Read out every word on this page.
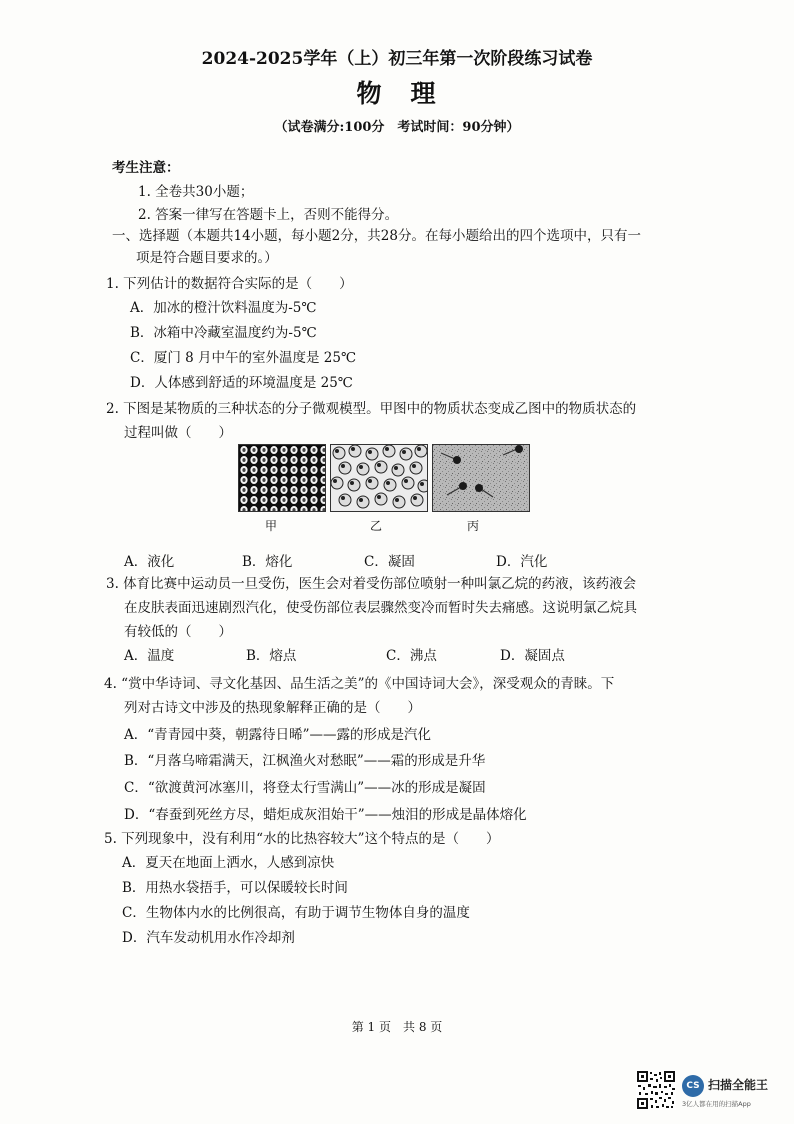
2024-2025学年（上）初三年第一次阶段练习试卷
物　理
（试卷满分:100分　考试时间：90分钟）
考生注意：
1. 全卷共30小题；
2. 答案一律写在答题卡上，否则不能得分。
一、选择题（本题共14小题，每小题2分，共28分。在每小题给出的四个选项中，只有一
项是符合题目要求的。）
1. 下列估计的数据符合实际的是（　　）
A．加冰的橙汁饮料温度为-5℃
B．冰箱中冷藏室温度约为-5℃
C．厦门 8 月中午的室外温度是 25℃
D．人体感到舒适的环境温度是 25℃
2. 下图是某物质的三种状态的分子微观模型。甲图中的物质状态变成乙图中的物质状态的
过程叫做（　　）
甲	乙	丙
A．液化	B．熔化	C．凝固	D．汽化
3. 体育比赛中运动员一旦受伤，医生会对着受伤部位喷射一种叫氯乙烷的药液，该药液会
在皮肤表面迅速剧烈汽化，使受伤部位表层骤然变冷而暂时失去痛感。这说明氯乙烷具
有较低的（　　）
A．温度	B．熔点	C．沸点	D．凝固点
4. “赏中华诗词、寻文化基因、品生活之美”的《中国诗词大会》，深受观众的青睐。下
列对古诗文中涉及的热现象解释正确的是（　　）
A．“青青园中葵，朝露待日晞”——露的形成是汽化
B．“月落乌啼霜满天，江枫渔火对愁眠”——霜的形成是升华
C．“欲渡黄河冰塞川，将登太行雪满山”——冰的形成是凝固
D．“春蚕到死丝方尽，蜡炬成灰泪始干”——烛泪的形成是晶体熔化
5. 下列现象中，没有利用“水的比热容较大”这个特点的是（　　）
A．夏天在地面上洒水，人感到凉快
B．用热水袋捂手，可以保暖较长时间
C．生物体内水的比例很高，有助于调节生物体自身的温度
D．汽车发动机用水作冷却剂
第 1 页　共 8 页
CS 扫描全能王
3亿人都在用的扫描App
